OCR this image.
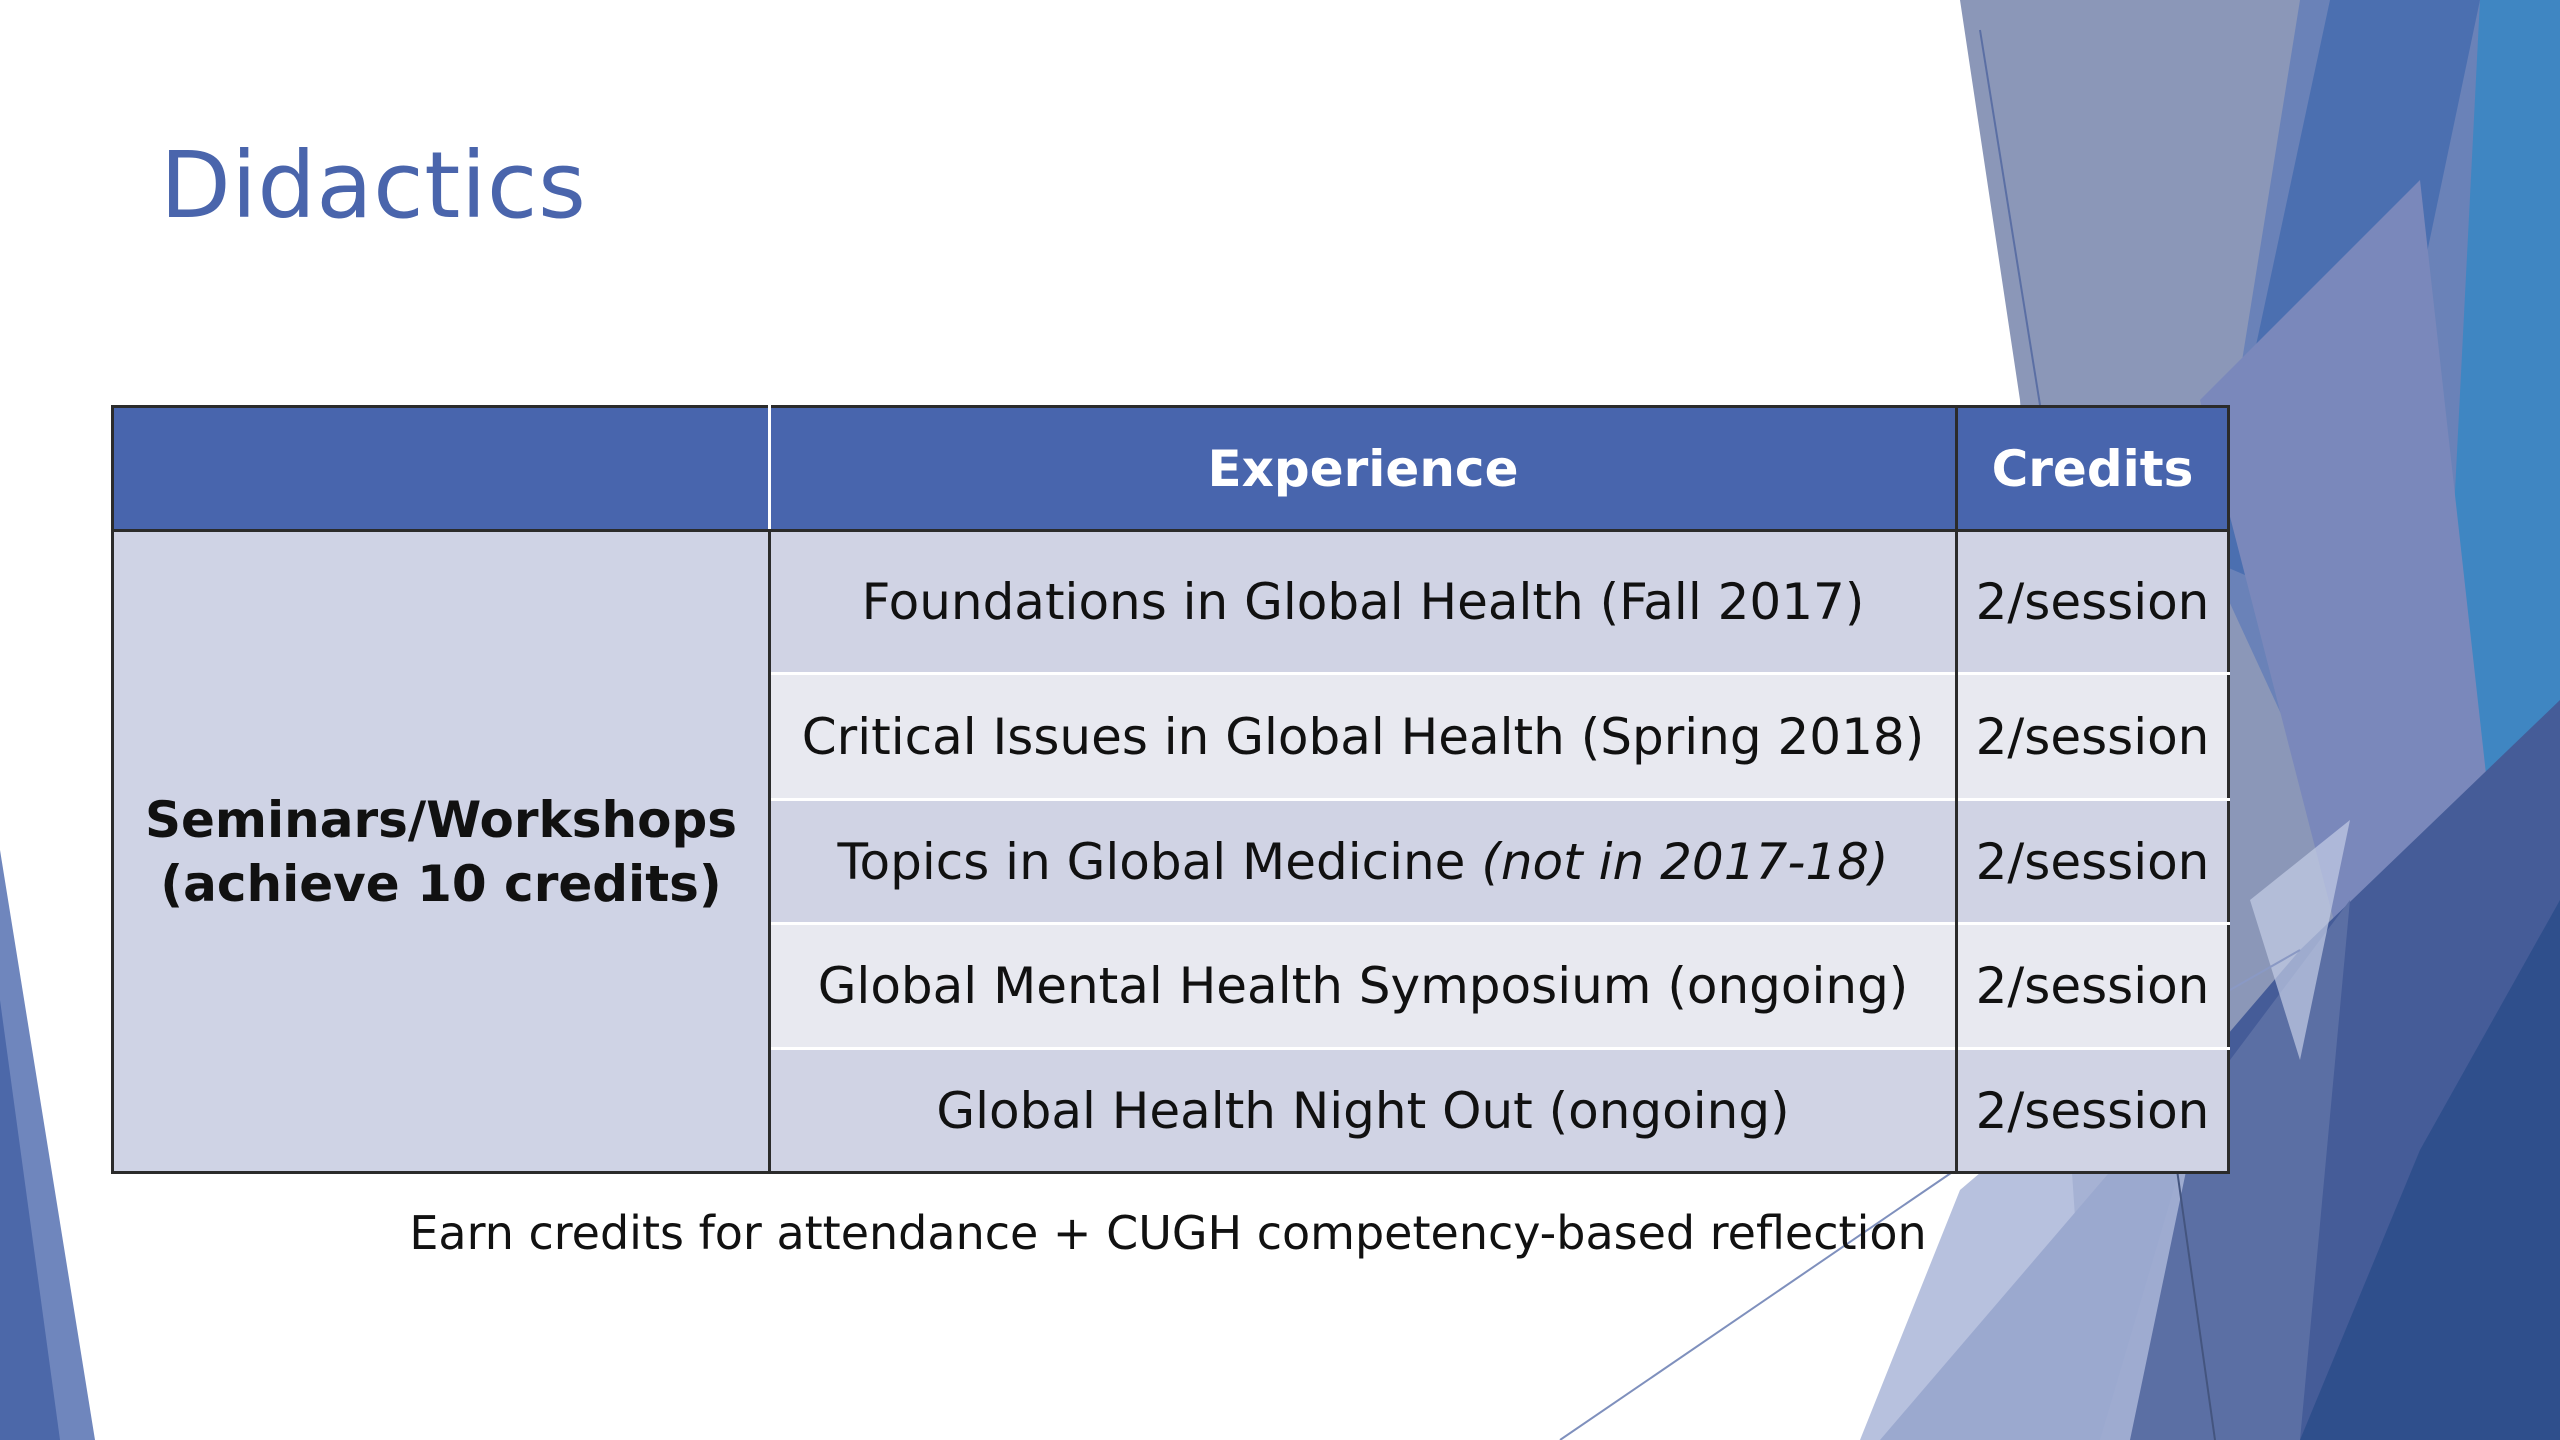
Didactics
	Experience	Credits

Seminars/Workshops
(achieve 10 credits)	Foundations in Global Health (Fall 2017)	2/session
	Critical Issues in Global Health (Spring 2018)	2/session
	Topics in Global Medicine (not in 2017-18)	2/session
	Global Mental Health Symposium (ongoing)	2/session
	Global Health Night Out (ongoing)	2/session
Earn credits for attendance + CUGH competency-based reflection
